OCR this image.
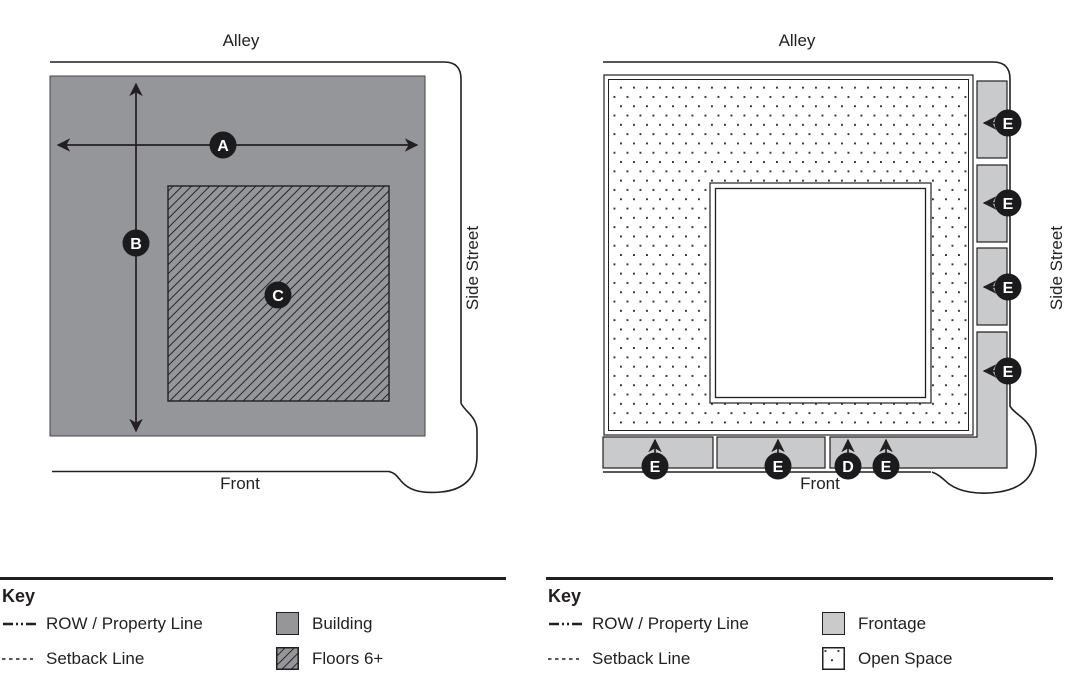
Alley
A
B
C	Side Street
Front
Alley
E
E
E
E
E	E	D E
Side Street
Front
Key
ROW / Property Line	Building
Setback Line	Floors 6+
Key
ROW / Property Line	Frontage
Setback Line	Open Space
